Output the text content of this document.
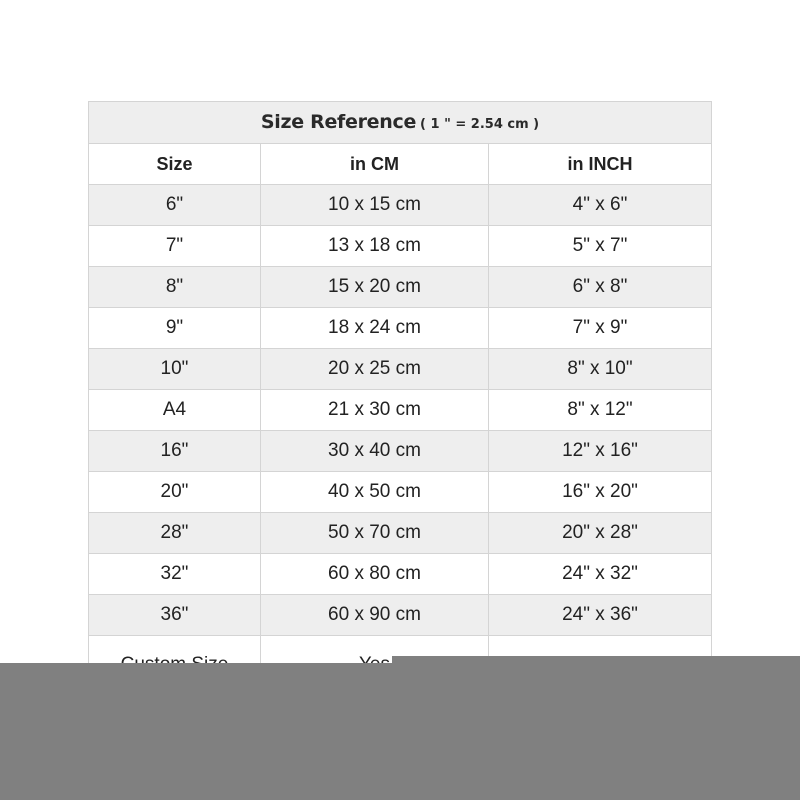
Size Reference ( 1 " = 2.54 cm )		
Size	in CM	in INCH
6"	10 x 15 cm	4" x 6"
7"	13 x 18 cm	5" x 7"
8"	15 x 20 cm	6" x 8"
9"	18 x 24 cm	7" x 9"
10"	20 x 25 cm	8" x 10"
A4	21 x 30 cm	8" x 12"
16"	30 x 40 cm	12" x 16"
20"	40 x 50 cm	16" x 20"
28"	50 x 70 cm	20" x 28"
32"	60 x 80 cm	24" x 32"
36"	60 x 90 cm	24" x 36"
